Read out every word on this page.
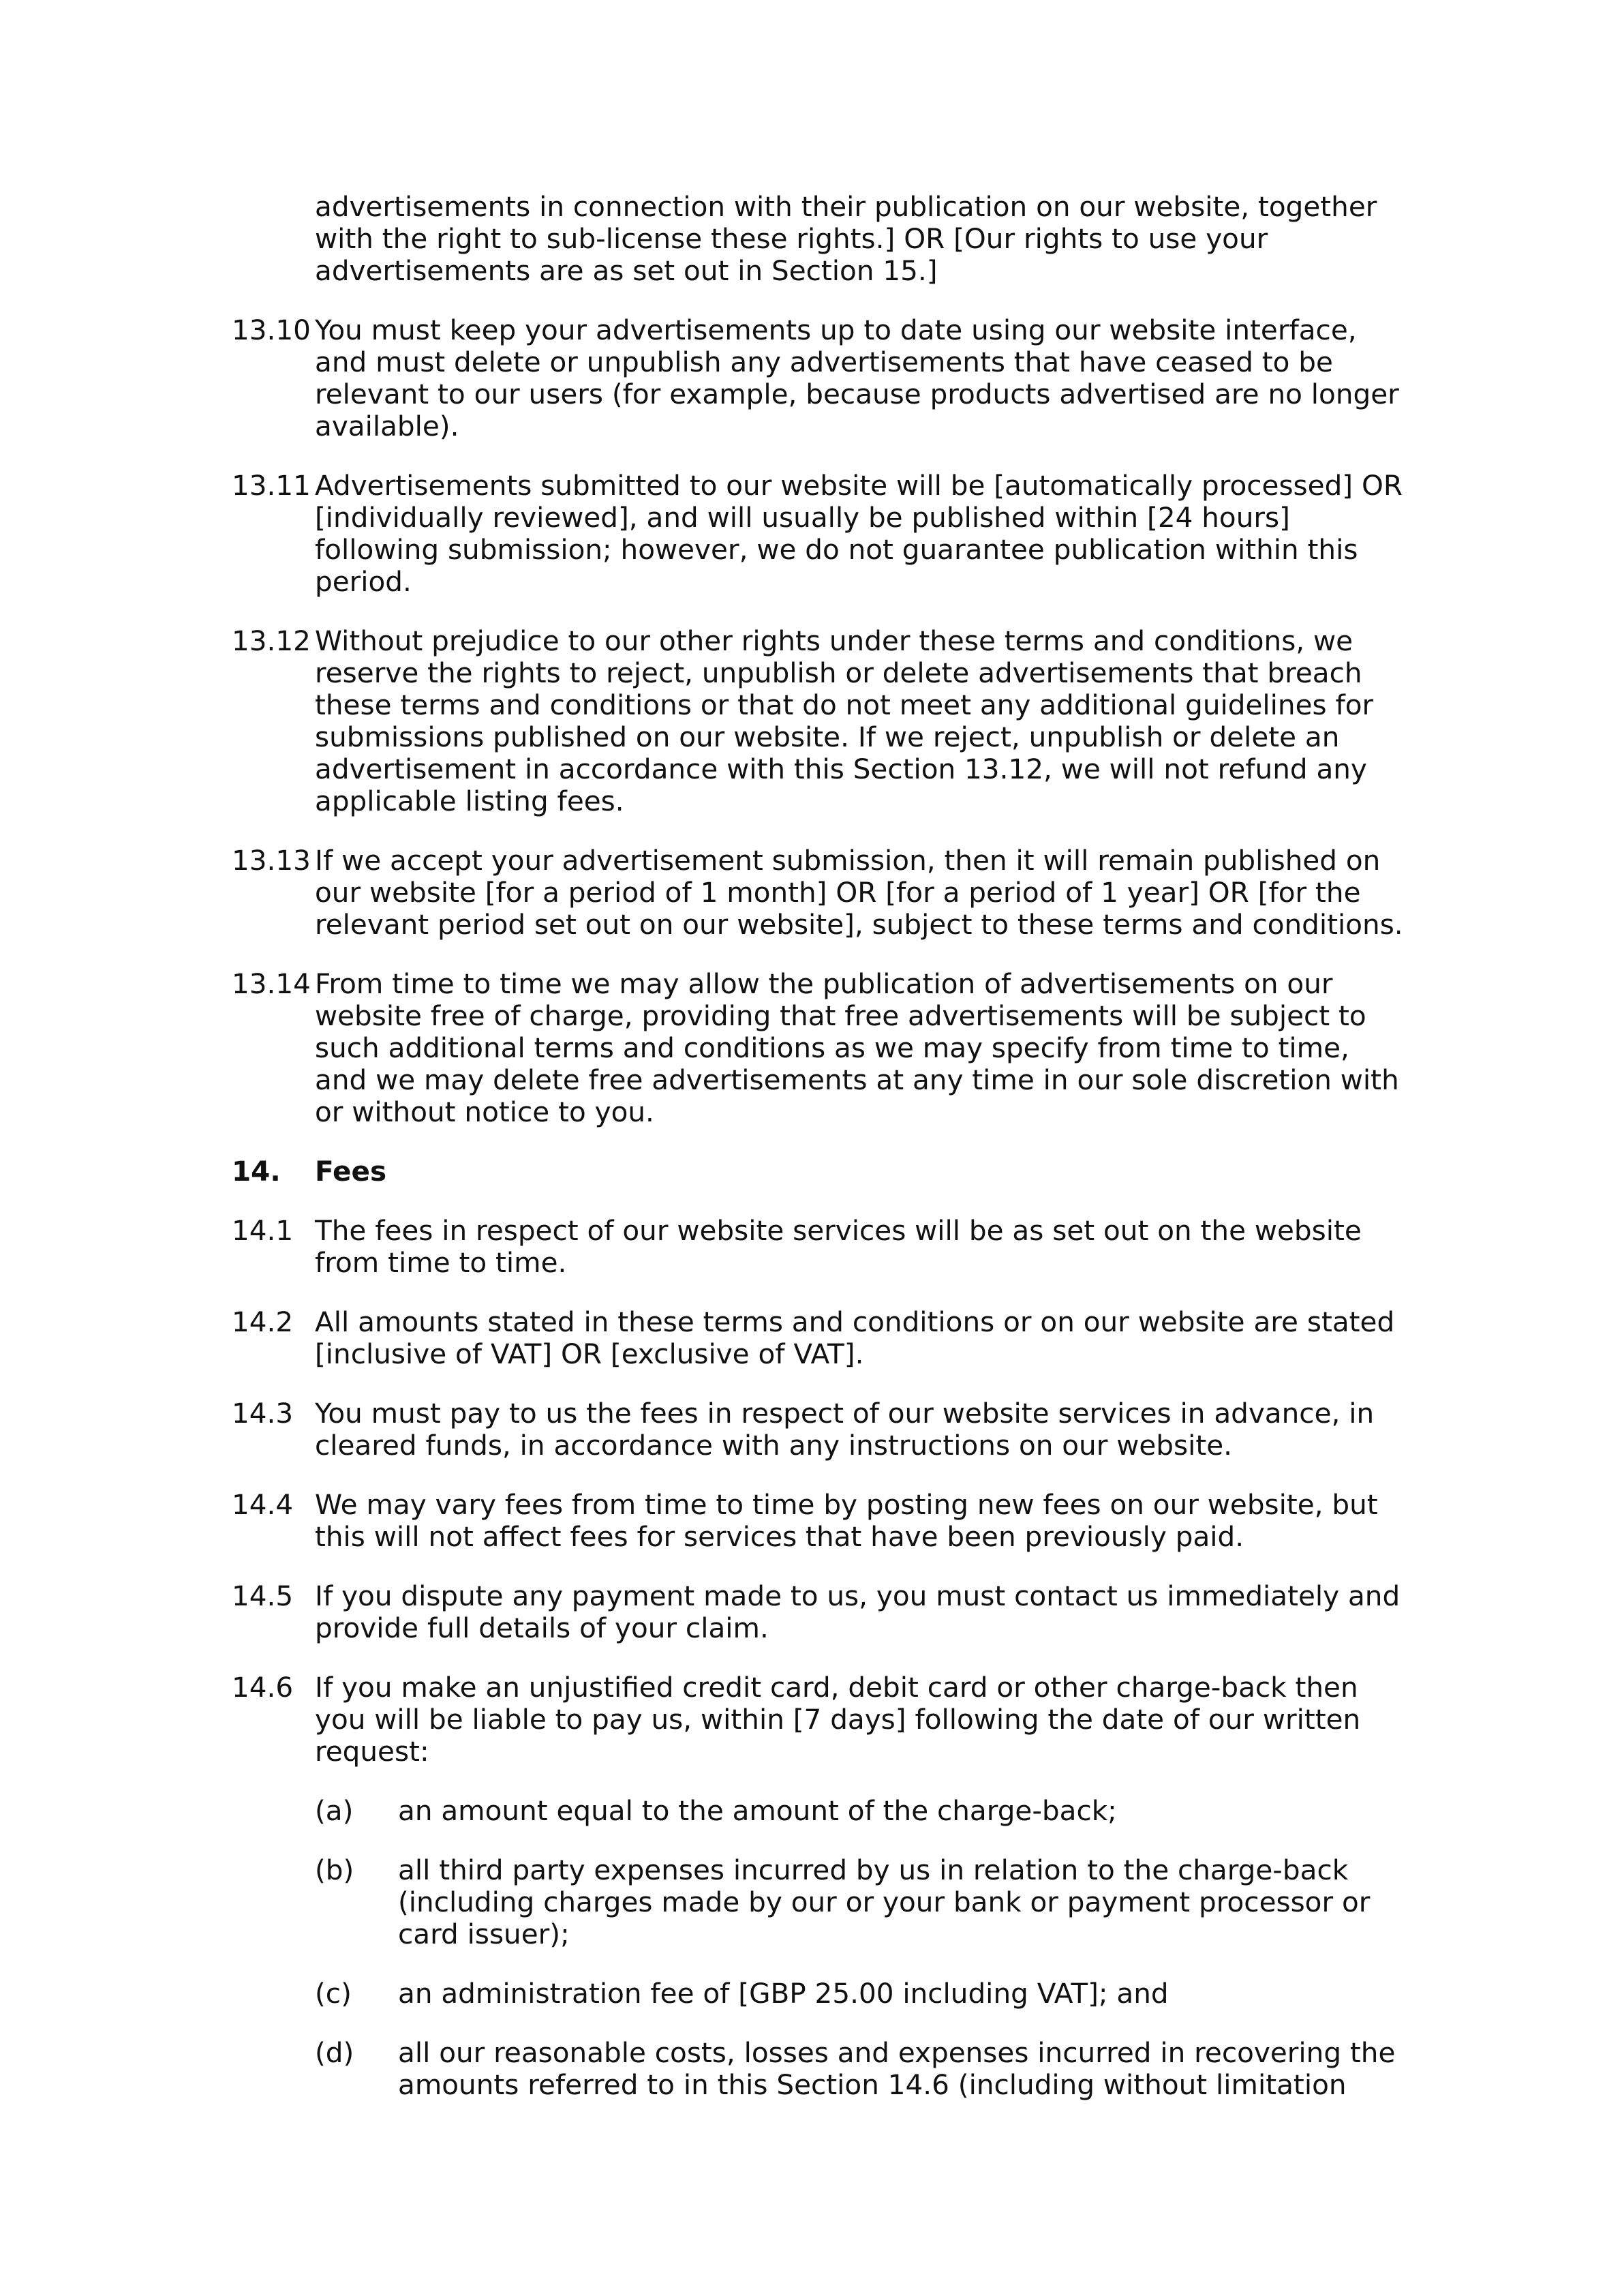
advertisements in connection with their publication on our website, together with the right to sub-license these rights.] OR [Our rights to use your advertisements are as set out in Section 15.]
13.10 You must keep your advertisements up to date using our website interface, and must delete or unpublish any advertisements that have ceased to be relevant to our users (for example, because products advertised are no longer available).
13.11 Advertisements submitted to our website will be [automatically processed] OR [individually reviewed], and will usually be published within [24 hours] following submission; however, we do not guarantee publication within this period.
13.12 Without prejudice to our other rights under these terms and conditions, we reserve the rights to reject, unpublish or delete advertisements that breach these terms and conditions or that do not meet any additional guidelines for submissions published on our website. If we reject, unpublish or delete an advertisement in accordance with this Section 13.12, we will not refund any applicable listing fees.
13.13 If we accept your advertisement submission, then it will remain published on our website [for a period of 1 month] OR [for a period of 1 year] OR [for the relevant period set out on our website], subject to these terms and conditions.
13.14 From time to time we may allow the publication of advertisements on our website free of charge, providing that free advertisements will be subject to such additional terms and conditions as we may specify from time to time, and we may delete free advertisements at any time in our sole discretion with or without notice to you.
14.	Fees
14.1 The fees in respect of our website services will be as set out on the website from time to time.
14.2 All amounts stated in these terms and conditions or on our website are stated [inclusive of VAT] OR [exclusive of VAT].
14.3 You must pay to us the fees in respect of our website services in advance, in cleared funds, in accordance with any instructions on our website.
14.4 We may vary fees from time to time by posting new fees on our website, but this will not affect fees for services that have been previously paid.
14.5 If you dispute any payment made to us, you must contact us immediately and provide full details of your claim.
14.6 If you make an unjustified credit card, debit card or other charge-back then you will be liable to pay us, within [7 days] following the date of our written request:
(a)	an amount equal to the amount of the charge-back;
(b)	all third party expenses incurred by us in relation to the charge-back (including charges made by our or your bank or payment processor or card issuer);
(c)	an administration fee of [GBP 25.00 including VAT]; and
(d)	all our reasonable costs, losses and expenses incurred in recovering the amounts referred to in this Section 14.6 (including without limitation
